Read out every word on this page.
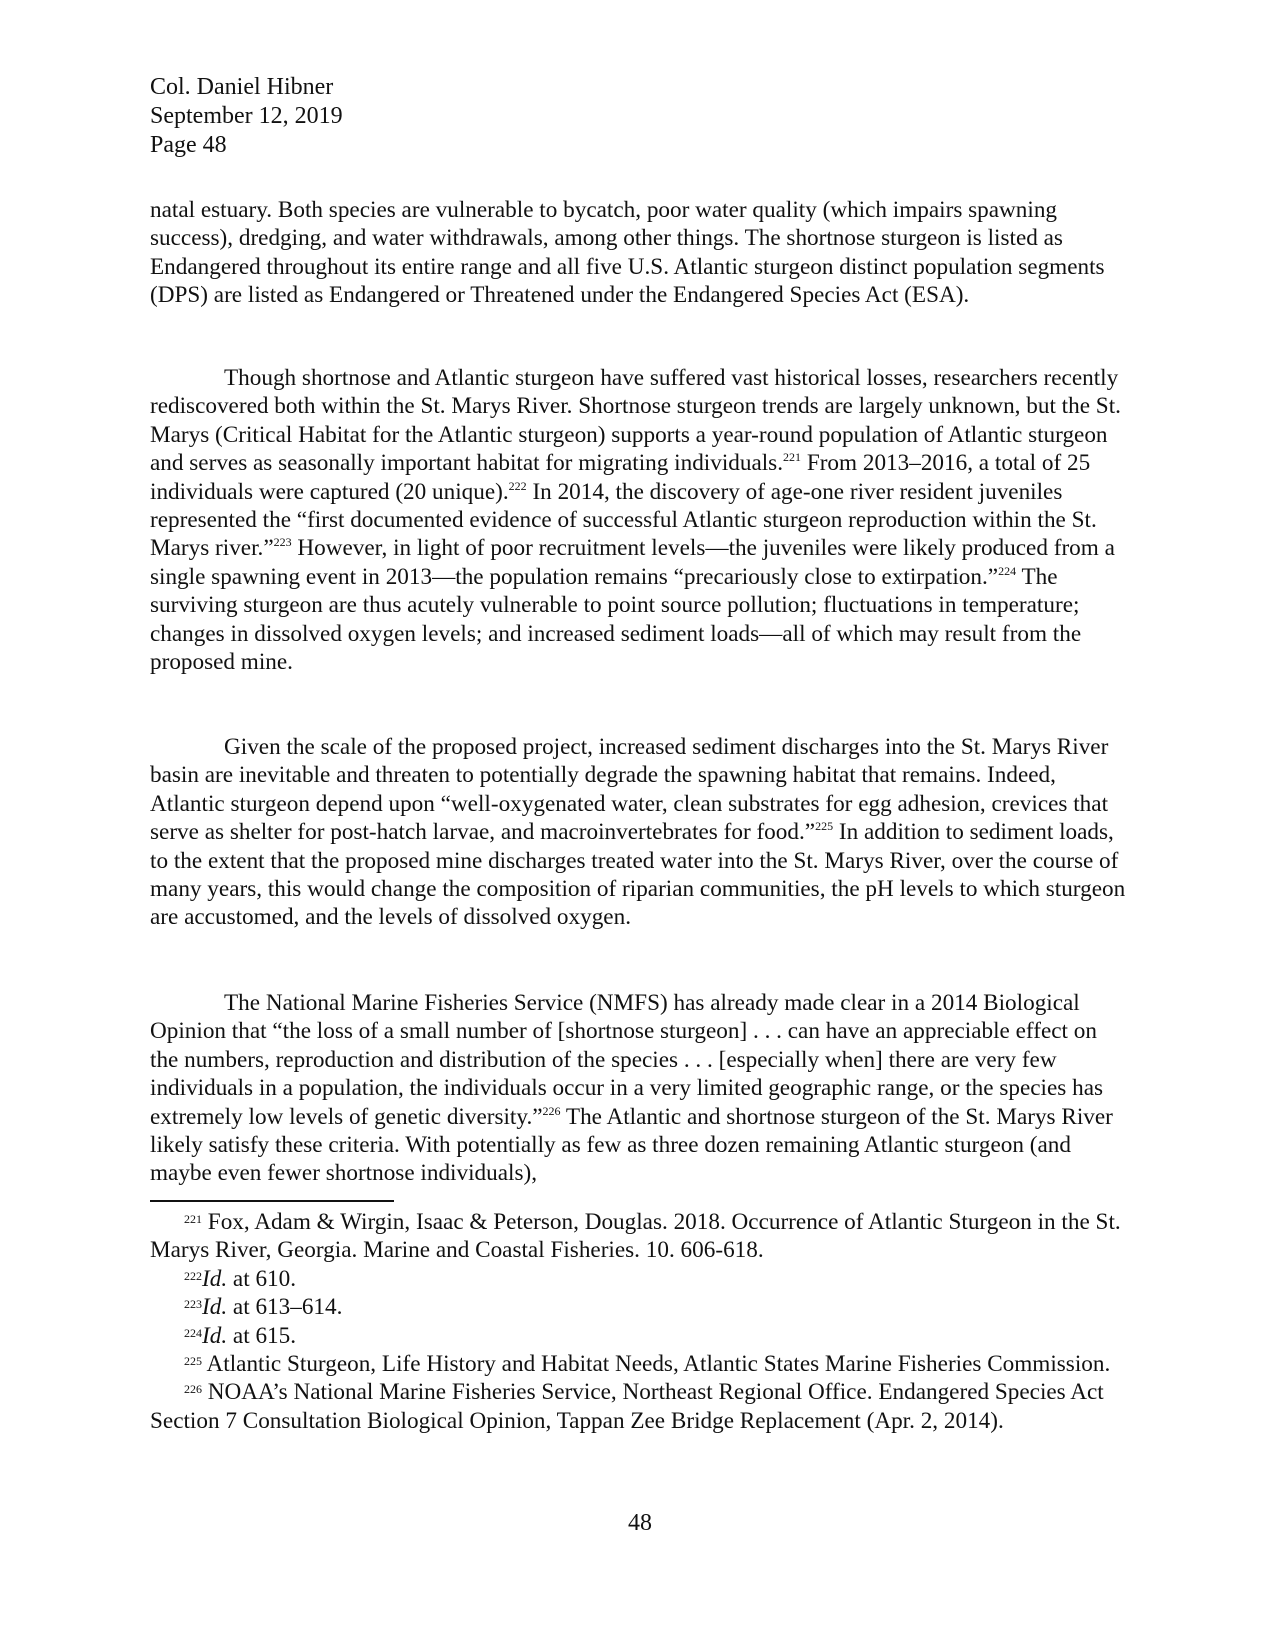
Col. Daniel Hibner
September 12, 2019
Page 48

natal estuary. Both species are vulnerable to bycatch, poor water quality (which impairs spawning success), dredging, and water withdrawals, among other things. The shortnose sturgeon is listed as Endangered throughout its entire range and all five U.S. Atlantic sturgeon distinct population segments (DPS) are listed as Endangered or Threatened under the Endangered Species Act (ESA).

Though shortnose and Atlantic sturgeon have suffered vast historical losses, researchers recently rediscovered both within the St. Marys River. Shortnose sturgeon trends are largely unknown, but the St. Marys (Critical Habitat for the Atlantic sturgeon) supports a year-round population of Atlantic sturgeon and serves as seasonally important habitat for migrating individuals.$^{221}$ From 2013–2016, a total of 25 individuals were captured (20 unique).$^{222}$ In 2014, the discovery of age-one river resident juveniles represented the “first documented evidence of successful Atlantic sturgeon reproduction within the St. Marys river.”$^{223}$ However, in light of poor recruitment levels—the juveniles were likely produced from a single spawning event in 2013—the population remains “precariously close to extirpation.”$^{224}$ The surviving sturgeon are thus acutely vulnerable to point source pollution; fluctuations in temperature; changes in dissolved oxygen levels; and increased sediment loads—all of which may result from the proposed mine.

Given the scale of the proposed project, increased sediment discharges into the St. Marys River basin are inevitable and threaten to potentially degrade the spawning habitat that remains. Indeed, Atlantic sturgeon depend upon “well-oxygenated water, clean substrates for egg adhesion, crevices that serve as shelter for post-hatch larvae, and macroinvertebrates for food.”$^{225}$ In addition to sediment loads, to the extent that the proposed mine discharges treated water into the St. Marys River, over the course of many years, this would change the composition of riparian communities, the pH levels to which sturgeon are accustomed, and the levels of dissolved oxygen.

The National Marine Fisheries Service (NMFS) has already made clear in a 2014 Biological Opinion that “the loss of a small number of [shortnose sturgeon] . . . can have an appreciable effect on the numbers, reproduction and distribution of the species . . . [especially when] there are very few individuals in a population, the individuals occur in a very limited geographic range, or the species has extremely low levels of genetic diversity.”$^{226}$ The Atlantic and shortnose sturgeon of the St. Marys River likely satisfy these criteria. With potentially as few as three dozen remaining Atlantic sturgeon (and maybe even fewer shortnose individuals),

$^{221}$ Fox, Adam & Wirgin, Isaac & Peterson, Douglas. 2018. Occurrence of Atlantic Sturgeon in the St. Marys River, Georgia. Marine and Coastal Fisheries. 10. 606-618.

$^{222}$Id. at 610.

$^{223}$Id. at 613–614.

$^{224}$Id. at 615.

$^{225}$ Atlantic Sturgeon, Life History and Habitat Needs, Atlantic States Marine Fisheries Commission.

$^{226}$ NOAA’s National Marine Fisheries Service, Northeast Regional Office. Endangered Species Act Section 7 Consultation Biological Opinion, Tappan Zee Bridge Replacement (Apr. 2, 2014).

48
